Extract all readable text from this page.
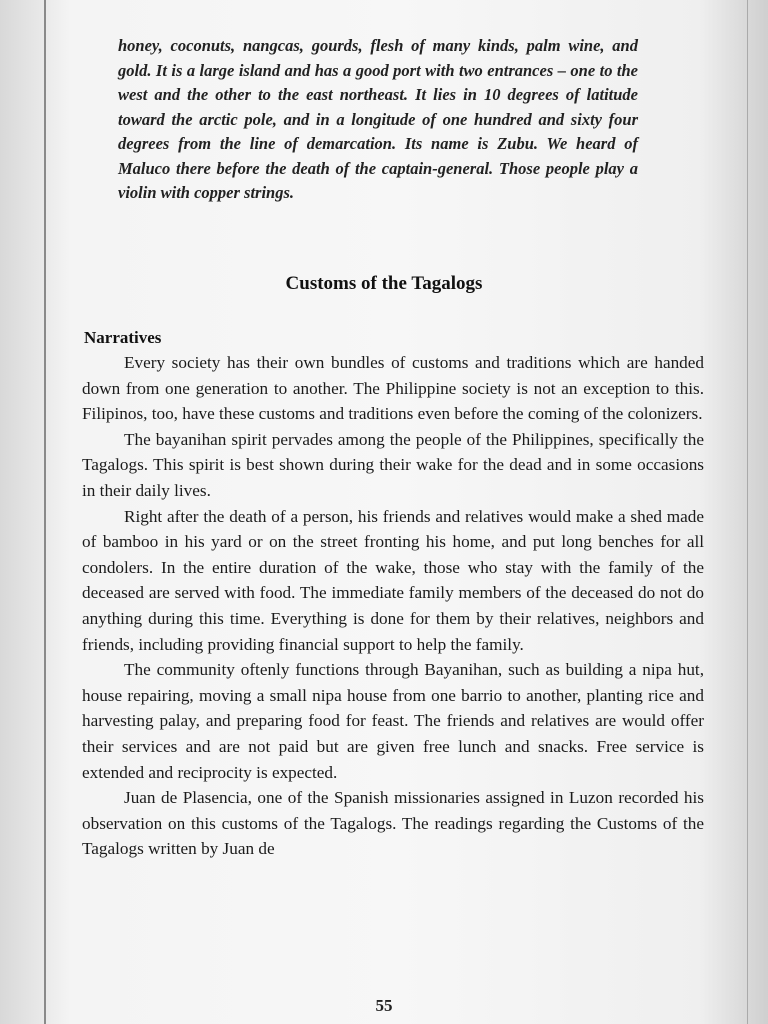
honey, coconuts, nangcas, gourds, flesh of many kinds, palm wine, and gold. It is a large island and has a good port with two entrances – one to the west and the other to the east northeast. It lies in 10 degrees of latitude toward the arctic pole, and in a longitude of one hundred and sixty four degrees from the line of demarcation. Its name is Zubu. We heard of Maluco there before the death of the captain-general. Those people play a violin with copper strings.

Customs of the Tagalogs
Narratives

Every society has their own bundles of customs and traditions which are handed down from one generation to another. The Philippine society is not an exception to this. Filipinos, too, have these customs and traditions even before the coming of the colonizers.

The bayanihan spirit pervades among the people of the Philippines, specifically the Tagalogs. This spirit is best shown during their wake for the dead and in some occasions in their daily lives.

Right after the death of a person, his friends and relatives would make a shed made of bamboo in his yard or on the street fronting his home, and put long benches for all condolers. In the entire duration of the wake, those who stay with the family of the deceased are served with food. The immediate family members of the deceased do not do anything during this time. Everything is done for them by their relatives, neighbors and friends, including providing financial support to help the family.

The community oftenly functions through Bayanihan, such as building a nipa hut, house repairing, moving a small nipa house from one barrio to another, planting rice and harvesting palay, and preparing food for feast. The friends and relatives are would offer their services and are not paid but are given free lunch and snacks. Free service is extended and reciprocity is expected.

Juan de Plasencia, one of the Spanish missionaries assigned in Luzon recorded his observation on this customs of the Tagalogs. The readings regarding the Customs of the Tagalogs written by Juan de

55
